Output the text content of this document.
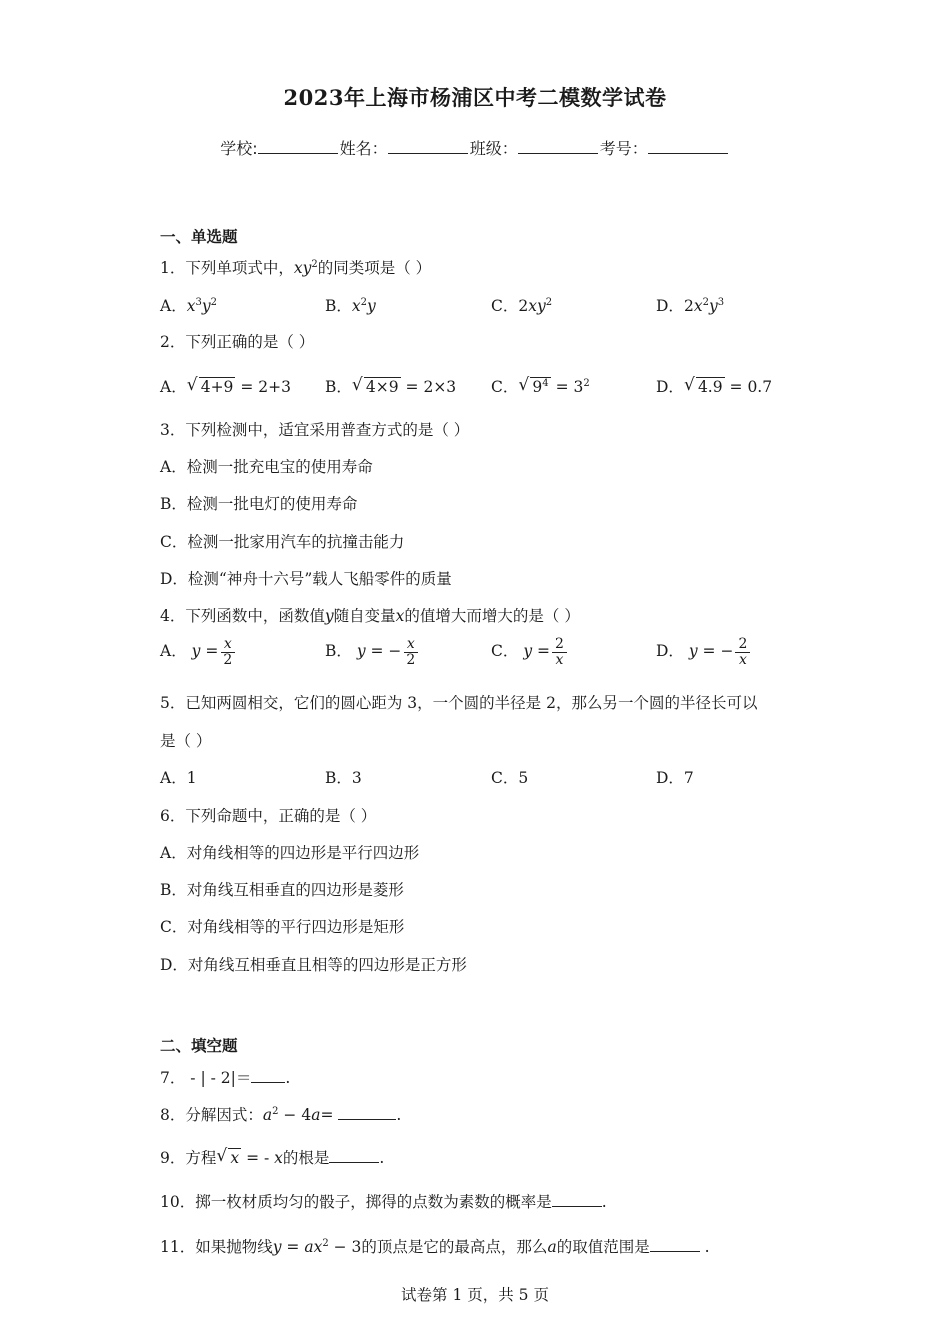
2023年上海市杨浦区中考二模数学试卷
学校:	姓名：	班级：	考号：
一、单选题
1．下列单项式中，$xy^2$的同类项是（ ）
A．$x^3y^2$	B．$x^2y$	C．$2xy^2$	D．$2x^2y^3$
2．下列正确的是（ ）
A． √ 4+9 = 2+3 B． √ 4×9 = 2×3 C． √ $9^4 = 3^2$	D． √ 4.9 = 0.7
3．下列检测中，适宜采用普查方式的是（ ）
A．检测一批充电宝的使用寿命
B．检测一批电灯的使用寿命
C．检测一批家用汽车的抗撞击能力
D．检测“神舟十六号”载人飞船零件的质量
4．下列函数中，函数值y随自变量x的值增大而增大的是（ ）
A． $y = \frac{x}{2}$	B． y = − $\frac{x}{2}$	C． $y = \frac{2}{x}$	D． y = − $\frac{2}{x}$
5．已知两圆相交，它们的圆心距为 3，一个圆的半径是 2，那么另一个圆的半径长可以
是（ ）
A．1	B．3	C．5	D．7
6．下列命题中，正确的是（ ）
A．对角线相等的四边形是平行四边形
B．对角线互相垂直的四边形是菱形
C．对角线相等的平行四边形是矩形
D．对角线互相垂直且相等的四边形是正方形
二、填空题
7． - | - 2|＝ .
8．分解因式：$a^2 - 4a=$	.
9．方程 √ x = - x的根是	.
10．掷一枚材质均匀的骰子，掷得的点数为素数的概率是	.
11．如果抛物线$y = ax^2 - 3$的顶点是它的最高点，那么a的取值范围是	.
试卷第 1 页，共 5 页
